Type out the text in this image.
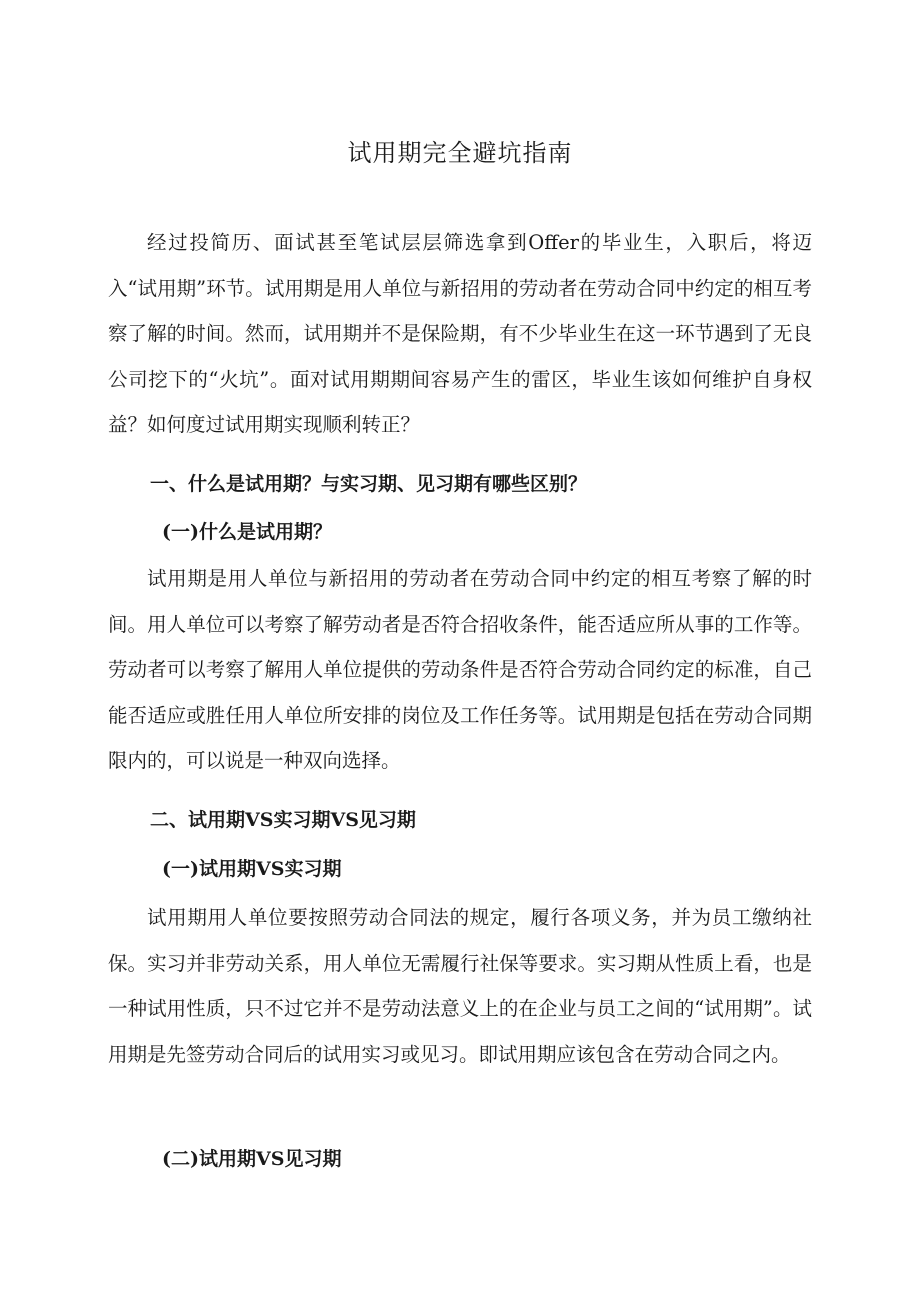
试用期完全避坑指南

经过投简历、面试甚至笔试层层筛选拿到Offer的毕业生，入职后，将迈入“试用期”环节。试用期是用人单位与新招用的劳动者在劳动合同中约定的相互考察了解的时间。然而，试用期并不是保险期，有不少毕业生在这一环节遇到了无良公司挖下的“火坑”。面对试用期期间容易产生的雷区，毕业生该如何维护自身权益？如何度过试用期实现顺利转正？

一、什么是试用期？与实习期、见习期有哪些区别？
(一)什么是试用期？

试用期是用人单位与新招用的劳动者在劳动合同中约定的相互考察了解的时间。用人单位可以考察了解劳动者是否符合招收条件，能否适应所从事的工作等。劳动者可以考察了解用人单位提供的劳动条件是否符合劳动合同约定的标准，自己能否适应或胜任用人单位所安排的岗位及工作任务等。试用期是包括在劳动合同期限内的，可以说是一种双向选择。

二、试用期VS实习期VS见习期
(一)试用期VS实习期

试用期用人单位要按照劳动合同法的规定，履行各项义务，并为员工缴纳社保。实习并非劳动关系，用人单位无需履行社保等要求。实习期从性质上看，也是一种试用性质，只不过它并不是劳动法意义上的在企业与员工之间的“试用期”。试用期是先签劳动合同后的试用实习或见习。即试用期应该包含在劳动合同之内。

(二)试用期VS见习期
